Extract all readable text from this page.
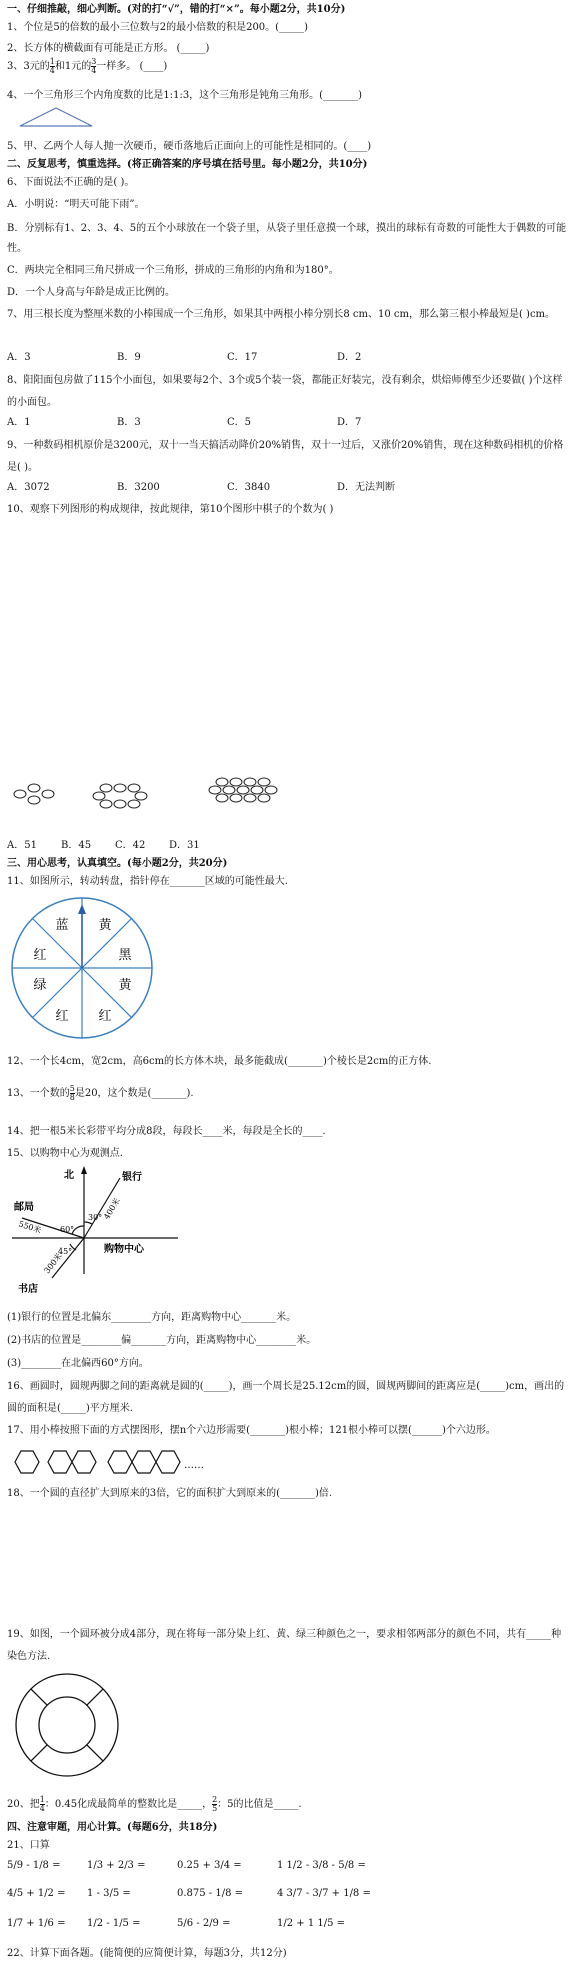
一、仔细推敲，细心判断。(对的打“√”，错的打“×”。每小题2分，共10分)
1、个位是5的倍数的最小三位数与2的最小倍数的积是200。(_____)
2、长方体的横截面有可能是正方形。 (_____)
3、3元的 $\frac{1}{4}$ 和1元的 $\frac{3}{4}$ 一样多。 (____)
4、一个三角形三个内角度数的比是1:1:3，这个三角形是钝角三角形。(_______)
5、甲、乙两个人每人抛一次硬币，硬币落地后正面向上的可能性是相同的。(____)
二、反复思考，慎重选择。(将正确答案的序号填在括号里。每小题2分，共10分)
6、下面说法不正确的是( )。
A．小明说：“明天可能下雨”。
B．分别标有1、2、3、4、5的五个小球放在一个袋子里，从袋子里任意摸一个球，摸出的球标有奇数的可能性大于偶数的可能性。
C．两块完全相同三角尺拼成一个三角形，拼成的三角形的内角和为180°。
D．一个人身高与年龄是成正比例的。
7、用三根长度为整厘米数的小棒围成一个三角形，如果其中两根小棒分别长8 cm、10 cm，那么第三根小棒最短是( )cm。
A．3	B．9	C．17	D．2
8、阳阳面包房做了115个小面包，如果要每2个、3个或5个装一袋，都能正好装完，没有剩余，烘焙师傅至少还要做( )个这样的小面包。
A．1	B．3	C．5	D．7
9、一种数码相机原价是3200元，双十一当天搞活动降价20%销售，双十一过后，又涨价20%销售，现在这种数码相机的价格是( )。
A．3072	B．3200	C．3840	D．无法判断
10、观察下列图形的构成规律，按此规律，第10个图形中棋子的个数为( )
A．51 B．45 C．42 D．31
三、用心思考，认真填空。(每小题2分，共20分)
11、如图所示，转动转盘，指针停在_______区域的可能性最大.
黄
黑
黄
红
红
绿
红
蓝
12、一个长4cm，宽2cm，高6cm的长方体木块，最多能截成(_______)个棱长是2cm的正方体.
13、一个数的 $\frac{5}{8}$ 是20，这个数是(_______).
14、把一根5米长彩带平均分成8段，每段长____米，每段是全长的____.
15、以购物中心为观测点.
北	银行
邮局
书店
购物中心
30°
60°
45°
400米
550米
300米
(1)银行的位置是北偏东________方向，距离购物中心_______米。
(2)书店的位置是________偏_______方向，距离购物中心________米。
(3)________在北偏西60°方向。
16、画圆时，圆规两脚之间的距离就是圆的(_____)，画一个周长是25.12cm的圆，圆规两脚间的距离应是(_____)cm，画出的圆的面积是(_____)平方厘米.
17、用小棒按照下面的方式摆图形，摆n个六边形需要(_______)根小棒；121根小棒可以摆(______)个六边形。
……
18、一个圆的直径扩大到原来的3倍，它的面积扩大到原来的(_______)倍.
19、如图，一个圆环被分成4部分，现在将每一部分染上红、黄、绿三种颜色之一，要求相邻两部分的颜色不同，共有_____种染色方法.
20、把 $\frac{1}{4}$ ：0.45化成最简单的整数比是_____， $\frac{2}{5}$ ：5的比值是_____.
四、注意审题，用心计算。(每题6分，共18分)
21、口算
5/9 - 1/8 =	1/3 + 2/3 =	0.25 + 3/4 =	1 1/2 - 3/8 - 5/8 =
4/5 + 1/2 = 1 - 3/5 =	0.875 - 1/8 =	4 3/7 - 3/7 + 1/8 =
1/7 + 1/6 = 1/2 - 1/5 =	5/6 - 2/9 =	1/2 + 1 1/5 =
22、计算下面各题。(能简便的应简便计算，每题3分，共12分)
